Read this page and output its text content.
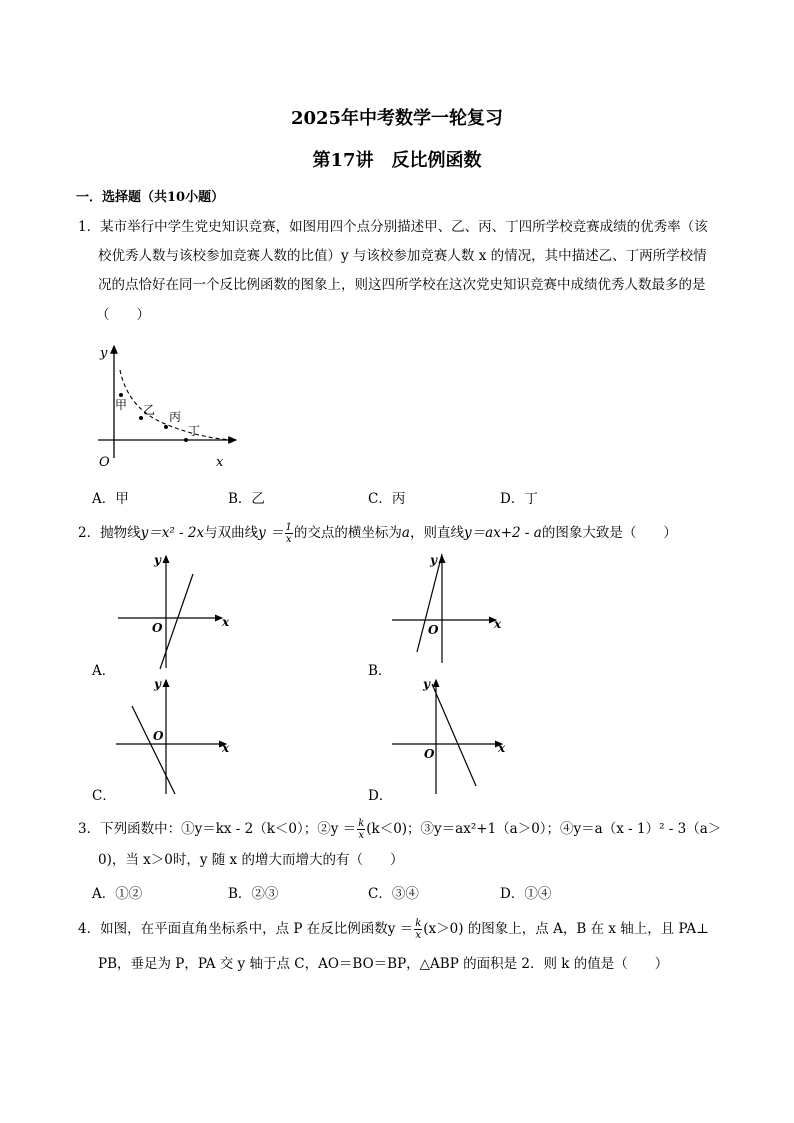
2025年中考数学一轮复习
第17讲　反比例函数
一．选择题（共10小题）
1．某市举行中学生党史知识竞赛，如图用四个点分别描述甲、乙、丙、丁四所学校竞赛成绩的优秀率（该
校优秀人数与该校参加竞赛人数的比值）y 与该校参加竞赛人数 x 的情况，其中描述乙、丁两所学校情
况的点恰好在同一个反比例函数的图象上，则这四所学校在这次党史知识竞赛中成绩优秀人数最多的是
（　　）
y
x
O
甲 乙 丙
丁
A．甲	B．乙	C．丙	D．丁
2．抛物线y＝x² - 2x与双曲线$y = \frac{1}{x}$ 的交点的横坐标为a，则直线y＝ax+2 - a的图象大致是（　　）
y
x
O
A．
y
x
O
B．
y
x
O
C．
y
x
O
D．
3．下列函数中：①y＝kx - 2（k＜0）；②y ＝ $\frac{k}{x} (k<0)$；③y＝ax²+1（a＞0）；④y＝a（x - 1）² - 3（a＞
0)，当 x＞0时，y 随 x 的增大而增大的有（　　）
A．①②	B．②③	C．③④	D．①④
4．如图，在平面直角坐标系中，点 P 在反比例函数$y = \frac{k}{x} (x>0)$ 的图象上，点 A，B 在 x 轴上，且 PA⊥
PB，垂足为 P，PA 交 y 轴于点 C，AO＝BO＝BP，△ABP 的面积是 2．则 k 的值是（　　）
